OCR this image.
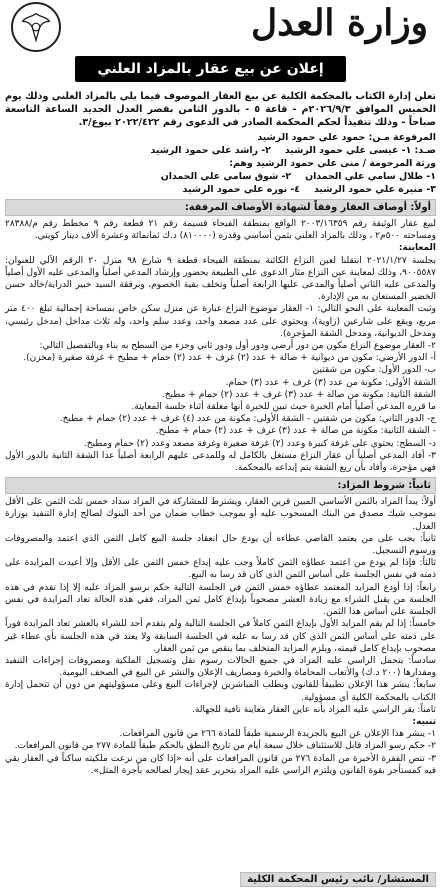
وزارة العدل
إعلان عن بيع عقار بالمزاد العلني
تعلن إدارة الكتاب بالمحكمة الكلية عن بيع العقار الموصوف فيما يلي بالمزاد العلني وذلك يوم الخميس الموافق ٢٠٢٦/٩/٣م - قاعة ٥ - بالدور الثامن بقصر العدل الجديد الساعة التاسعة صباحاً - وذلك تنفيذاً لحكم المحكمة الصادر في الدعوى رقم ٢٠٢٢/٤٢٢ بيوع/٣.
المرفوعة مـن: حمود علي حمود الرشيد
ضـد: ١- عيسى علي حمود الرشيد
٢- راشد علي حمود الرشيد
ورثة المرحومة / منى علي حمود الرشيد وهم:
١- طلال سامي علي الحمدان
٢- شوق سامي علي الحمدان
٣- منيرة علي حمود الرشيد
٤- نوره علي حمود الرشيد
أولاً: أوصاف العقار وفقاً لشهادة الأوصاف المرفقة:
لبيع عقار الوثيقة رقم ٢٠٠٣/١٦٣٥٩ الواقع بمنطقة الفيحاء قسيمة رقم ٢١ قطعة رقم ٩ مخطط رقم م/٢٨٣٨٨ ومساحته ٥٠٠م٢ ، وذلك بالمزاد العلني بثمن أساسي وقدره (٨١٠٠٠٠) د.ك ثمانمائة وعشرة آلاف دينار كويتي.
المعاينة:
بجلسة ٢٠٢١/١/٢٧ انتقلنا لعين النزاع الكائنة بمنطقة الفيحاء قطعة ٩ شارع ٩٨ منزل ٢٠ الرقم الآلي للعنوان: ٩٠٠٥٥٨٧، وذلك لمعاينة عين النزاع مثار الدعوى على الطبيعة بحضور وإرشاد المدعي أصلياً والمدعى عليه الأول أصلياً والمدعى عليه الثاني أصلياً والمدعى عليها الرابعة أصلياً وتخلف بقية الخصوم، وبرفقة السيد خبير الدراية/خالد حسن الخضير المستعان به من الإدارة.
وثبت المعاينة على النحو التالي: ١- العقار موضوع النزاع عبارة عن منزل سكن خاص بمساحة إجمالية تبلغ ٤٠٠ متر مربع، ويقع على شارعين (زاوية)، ويحتوي على عدد مصعد واحد، وعدد سلم واحد، وله ثلاث مداخل (مدخل رئيسي، ومدخل الديوانية، ومدخل الشقة المؤجرة).
٢- العقار موضوع النزاع مكون من دور أرضي ودور أول ودور ثاني وجزء من السطح به بناء وبالتفصيل التالي:
أ- الدور الأرضي: مكون من ديوانية + صالة + عدد (٢) غرف + عدد (٢) حمام + مطبخ + غرفة صغيرة (مخزن).
ب- الدور الأول: مكون من شقتين
الشقة الأولى: مكونة من عدد (٣) غرف + عدد (٣) حمام.
الشقة الثانية: مكونة من صالة + عدد (٣) غرف + عدد (٢) حمام + مطبخ.
ما قرره المدعي أصلياً أمام الخبرة حيث تبين للخبرة أنها مغلقة أثناء جلسة المعاينة.
ج- الدور الثاني: مكون من شقتين - الشقة الأولى: مكونة من عدد (٤) غرف + عدد (٢) حمام + مطبخ.
- الشقة الثانية: مكونة من صالة + عدد (٣) غرف + عدد (٢) حمام + مطبخ.
د- السطح: يحتوي على غرفة كبيرة وعدد (٢) غرفة صغيرة وغرفة مصعد وعدد (٢) حمام ومطبخ.
٣- أفاد المدعي أصلياً أن عقار النزاع مستغل بالكامل له وللمدعى عليهم الرابعة أصلياً عدا الشقة الثانية بالدور الأول فهي مؤجرة، وأفاد بأن ريع الشقة يتم إبداعه بالمحكمة.
ثانياً: شروط المزاد:
أولاً: يبدأ المزاد بالثمن الأساسي المبين قرين العقار، ويشترط للمشاركة في المزاد سداد خمس ثلث الثمن على الأقل بموجب شيك مصدق من البنك المسحوب عليه أو بموجب خطاب ضمان من أحد البنوك لصالح إدارة التنفيذ بوزارة العدل.
ثانياً: يجب على من يعتمد القاضي عطاءه أن يودع حال انعقاد جلسة البيع كامل الثمن الذي اعتمد والمصروفات ورسوم التسجيل.
ثالثاً: فإذا لم يودع من اعتمد عطاؤه الثمن كاملاً وجب عليه إيداع خمس الثمن على الأقل وإلا أعيدت المزايدة على ذمته في نفس الجلسة على أساس الثمن الذي كان قد رسا به البيع.
رابعاً: إذا أودع المزايد المعتمد عطاؤه خمس الثمن في الجلسة التالية حكم برسو المزاد عليه إلا إذا تقدم في هذه الجلسة من يقبل الشراء مع زيادة العشر مصحوباً بإيداع كامل ثمن المزاد، ففي هذه الحالة تعاد المزايدة في نفس الجلسة على أساس هذا الثمن.
خامساً: إذا لم يقم المزايد الأول بإيداع الثمن كاملاً في الجلسة التالية ولم يتقدم أحد للشراء بالعشر تعاد المزايدة فوراً على ذمته على أساس الثمن الذي كان قد رسا به عليه في الجلسة السابقة ولا يعتد في هذه الجلسة بأي عطاء غير مصحوب بإيداع كامل قيمته، ويلزم المزايد المتخلف بما ينقص من ثمن العقار.
سادساً: يتحمل الراسي عليه المزاد في جميع الحالات رسوم نقل وتسجيل الملكية ومصروفات إجراءات التنفيذ ومقدارها (٢٠٠ د.ك) والأتعاب المحاماة والخبرة ومصاريف الإعلان والنشر عن البيع في الصحف اليومية.
سابعاً: ينشر هذا الإعلان تطبيقاً للقانون وبطلب المباشرين لإجراءات البيع وعلى مسؤوليتهم من دون أن تتحمل إدارة الكتاب بالمحكمة الكلية أي مسؤولية.
ثامناً: يقر الراسي عليه المزاد بأنه عاين العقار معاينة نافية للجهالة.
تنبيه:
١- ينشر هذا الإعلان عن البيع بالجريدة الرسمية طبقاً للمادة ٢٦٦ من قانون المرافعات.
٢- حكم رسو المزاد قابل للاستئناف خلال سبعة أيام من تاريخ النطق بالحكم طبقاً للمادة ٢٧٧ من قانون المرافعات.
٣- تنص الفقرة الأخيرة من المادة ٢٧٦ من قانون المرافعات على أنه «إذا كان من نزعت ملكيته ساكناً في العقار بقي فيه كمستأجر بقوة القانون ويلتزم الراسي عليه المزاد بتحرير عقد إيجار لصالحه بأجرة المثل».
المستشار/ نائب رئيس المحكمة الكلية
